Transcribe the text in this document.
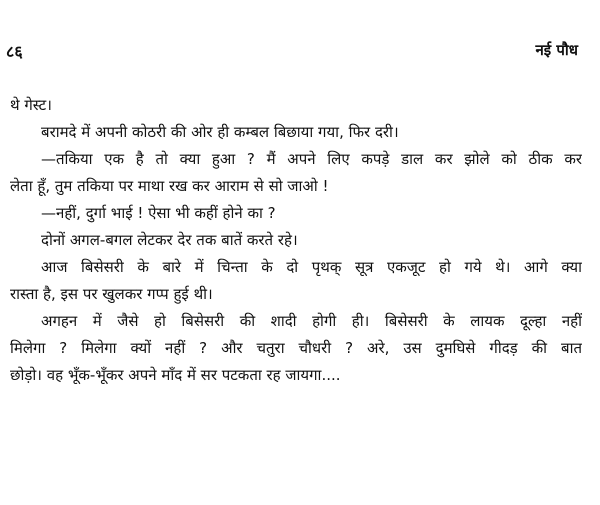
८६	नई पौध
थे गेस्ट।
बरामदे में अपनी कोठरी की ओर ही कम्बल बिछाया गया, फिर दरी।
—तकिया एक है तो क्या हुआ ? मैं अपने लिए कपड़े डाल कर झोले को ठीक कर
लेता हूँ, तुम तकिया पर माथा रख कर आराम से सो जाओ !
—नहीं, दुर्गा भाई ! ऐसा भी कहीं होने का ?
दोनों अगल-बगल लेटकर देर तक बातें करते रहे।
आज बिसेसरी के बारे में चिन्ता के दो पृथक् सूत्र एकजूट हो गये थे। आगे क्या
रास्ता है, इस पर खुलकर गप्प हुई थी।
अगहन में जैसे हो बिसेसरी की शादी होगी ही। बिसेसरी के लायक दूल्हा नहीं
मिलेगा ? मिलेगा क्यों नहीं ? और चतुरा चौधरी ? अरे, उस दुमघिसे गीदड़ की बात
छोड़ो। वह भूँक-भूँकर अपने माँद में सर पटकता रह जायगा....
